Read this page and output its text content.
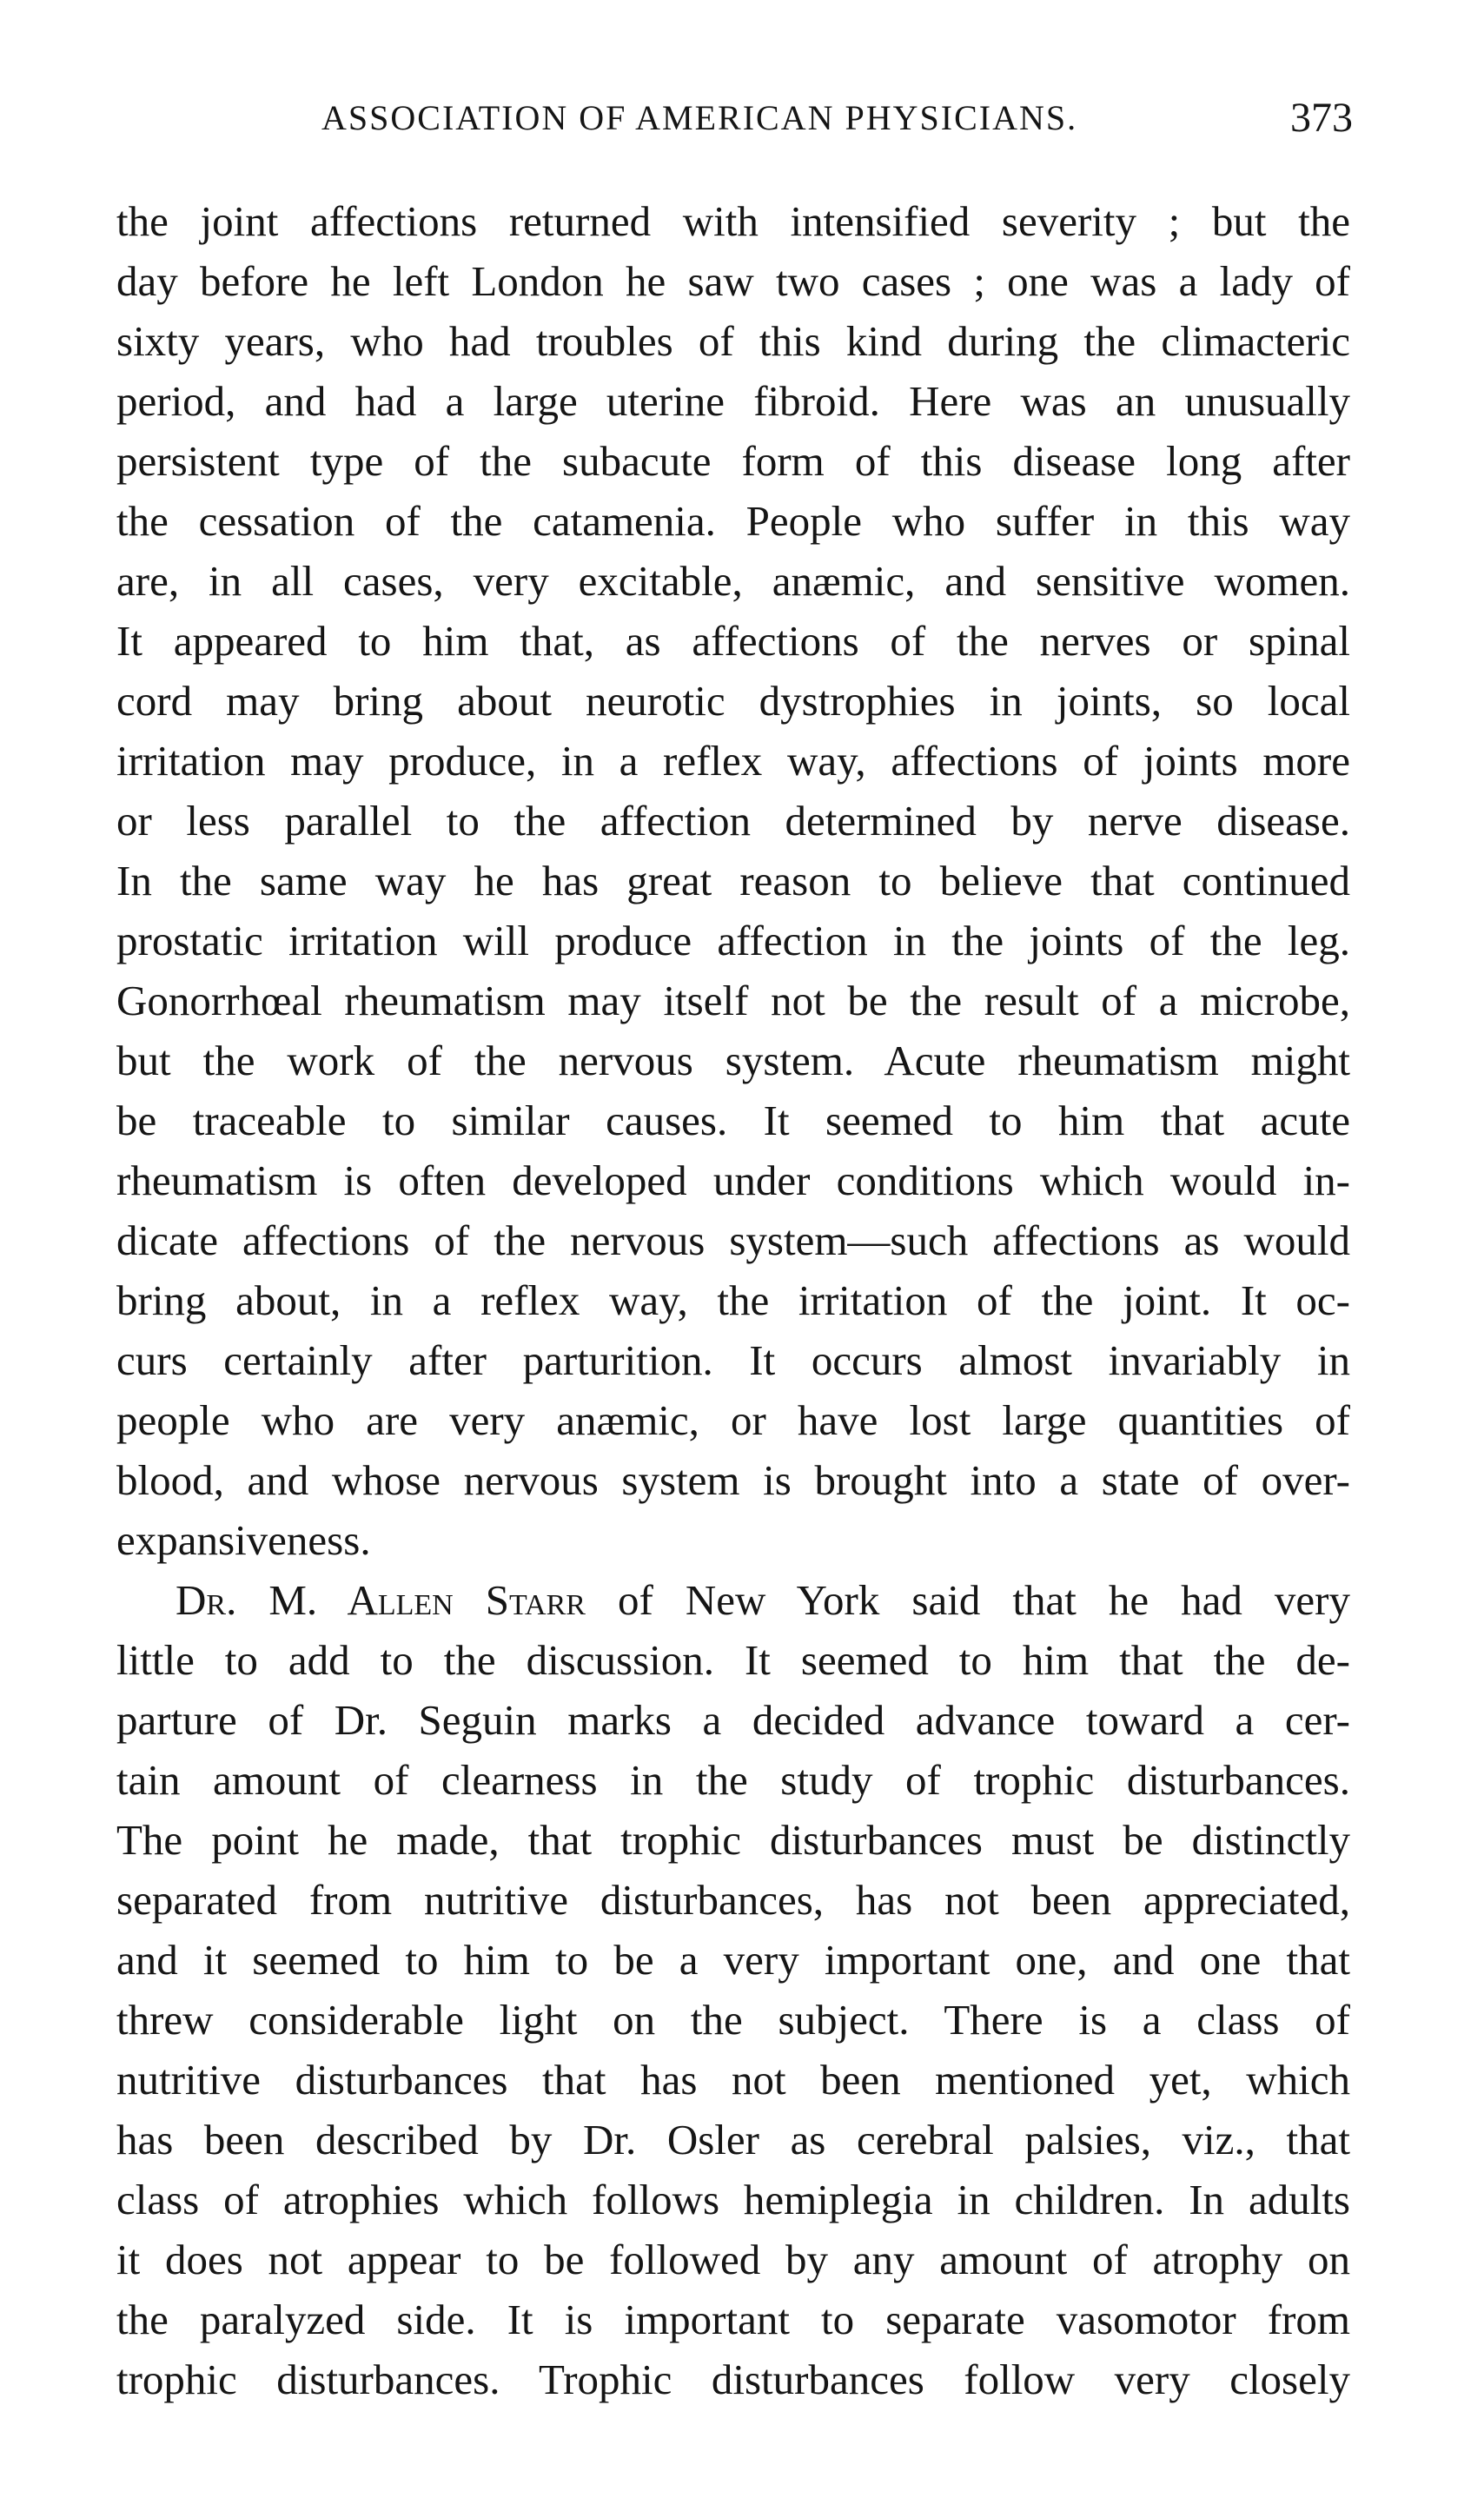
ASSOCIATION OF AMERICAN PHYSICIANS.	373
the joint affections returned with intensified severity ; but the
day before he left London he saw two cases ; one was a lady of
sixty years, who had troubles of this kind during the climacteric
period, and had a large uterine fibroid. Here was an unusually
persistent type of the subacute form of this disease long after
the cessation of the catamenia. People who suffer in this way
are, in all cases, very excitable, anæmic, and sensitive women.
It appeared to him that, as affections of the nerves or spinal
cord may bring about neurotic dystrophies in joints, so local
irritation may produce, in a reflex way, affections of joints more
or less parallel to the affection determined by nerve disease.
In the same way he has great reason to believe that continued
prostatic irritation will produce affection in the joints of the leg.
Gonorrhœal rheumatism may itself not be the result of a microbe,
but the work of the nervous system. Acute rheumatism might
be traceable to similar causes. It seemed to him that acute
rheumatism is often developed under conditions which would in-
dicate affections of the nervous system—such affections as would
bring about, in a reflex way, the irritation of the joint. It oc-
curs certainly after parturition. It occurs almost invariably in
people who are very anæmic, or have lost large quantities of
blood, and whose nervous system is brought into a state of over-
expansiveness.
Dr. M. Allen Starr of New York said that he had very
little to add to the discussion. It seemed to him that the de-
parture of Dr. Seguin marks a decided advance toward a cer-
tain amount of clearness in the study of trophic disturbances.
The point he made, that trophic disturbances must be distinctly
separated from nutritive disturbances, has not been appreciated,
and it seemed to him to be a very important one, and one that
threw considerable light on the subject. There is a class of
nutritive disturbances that has not been mentioned yet, which
has been described by Dr. Osler as cerebral palsies, viz., that
class of atrophies which follows hemiplegia in children. In adults
it does not appear to be followed by any amount of atrophy on
the paralyzed side. It is important to separate vasomotor from
trophic disturbances. Trophic disturbances follow very closely
